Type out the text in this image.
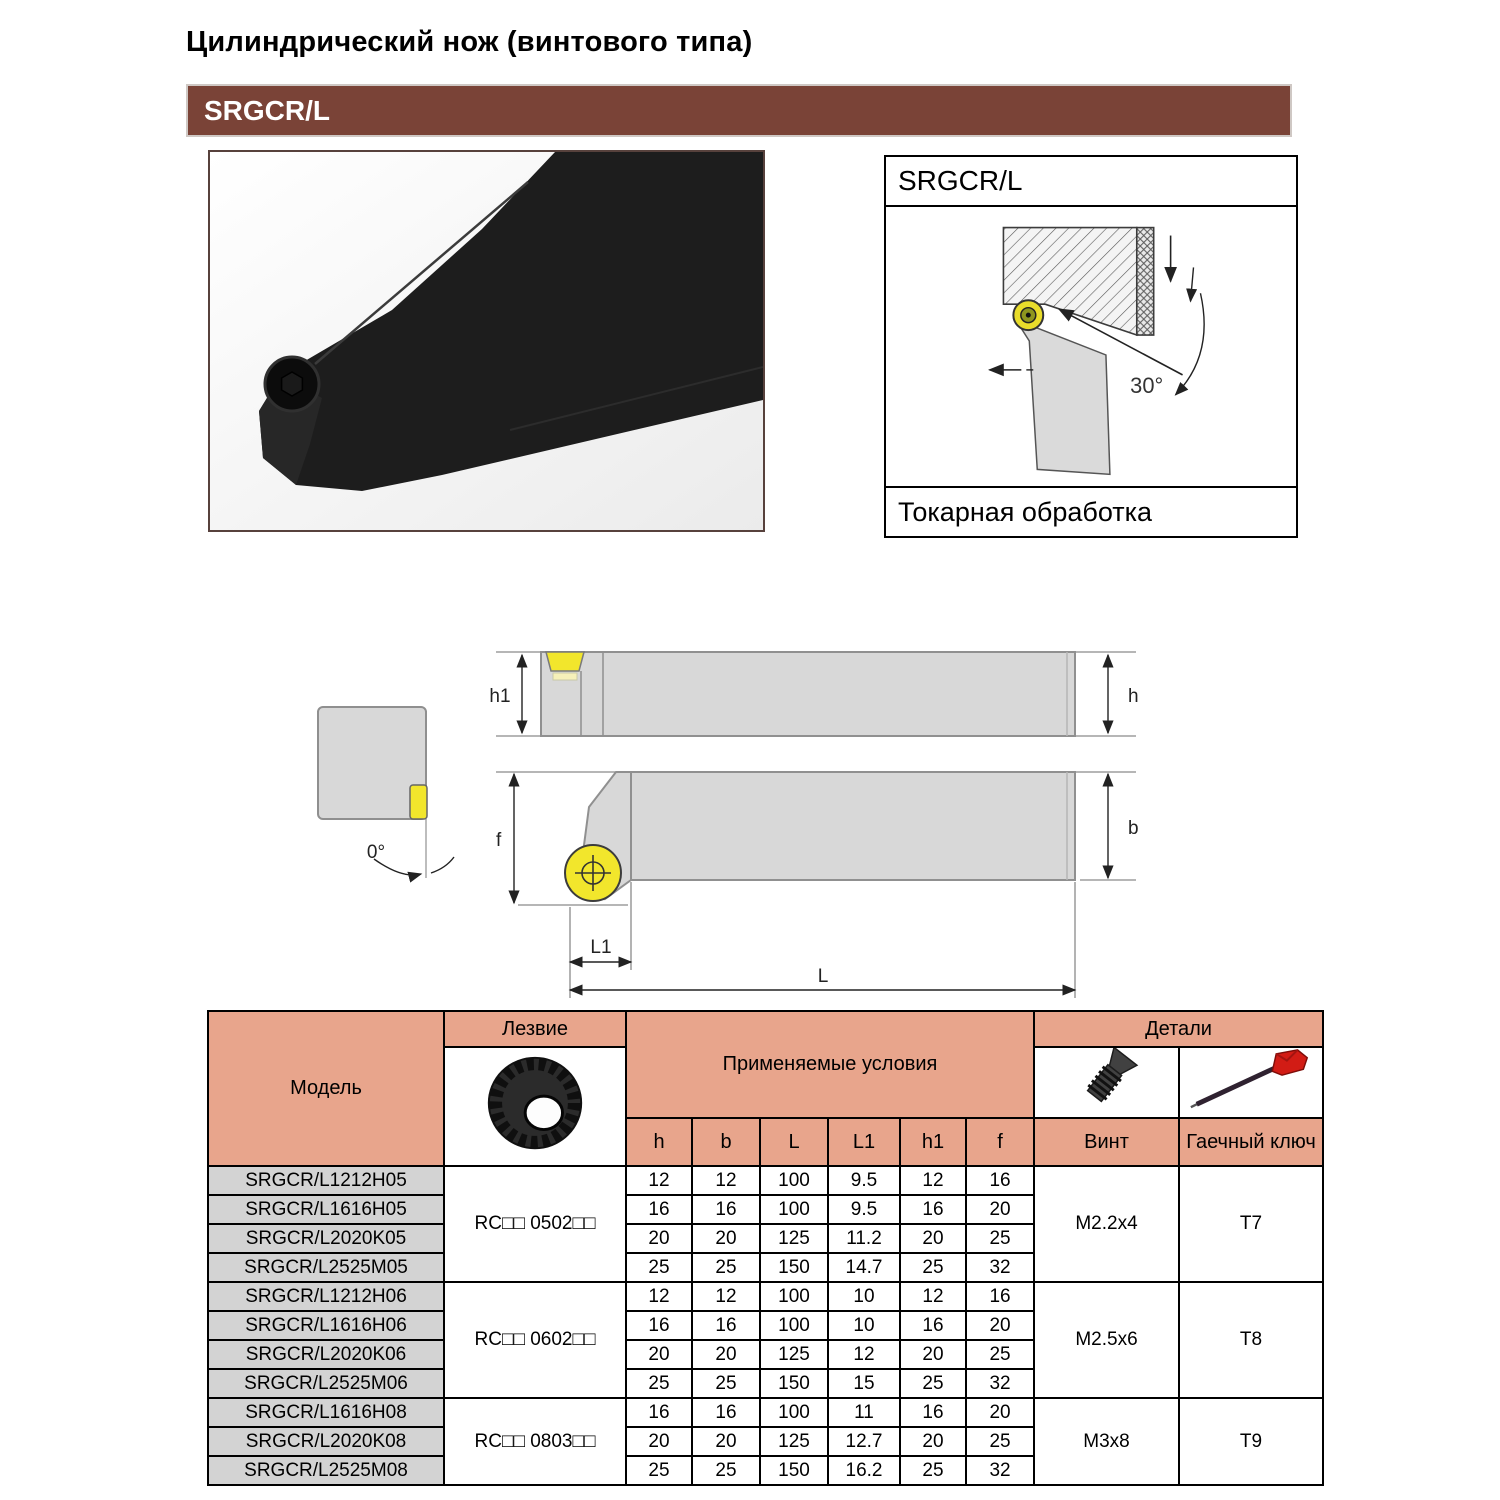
Цилиндрический нож (винтового типа)
SRGCR/L
SRGCR/L
30°
Токарная обработка
0°
h1	h
f
b
L1
L
Модель	Лезвие	Применяемые условия						Детали	

		h	b	L	L1	h1	f	Винт	Гаечный ключ
SRGCR/L1212H05	RC□□ 0502□□	12	12	100	9.5	12	16	M2.2x4	T7
SRGCR/L1616H05		16	16	100	9.5	16	20		
SRGCR/L2020K05		20	20	125	11.2	20	25		
SRGCR/L2525M05		25	25	150	14.7	25	32		
SRGCR/L1212H06	RC□□ 0602□□	12	12	100	10	12	16	M2.5x6	T8
SRGCR/L1616H06		16	16	100	10	16	20		
SRGCR/L2020K06		20	20	125	12	20	25		
SRGCR/L2525M06		25	25	150	15	25	32		
SRGCR/L1616H08	RC□□ 0803□□	16	16	100	11	16	20	M3x8	T9
SRGCR/L2020K08		20	20	125	12.7	20	25		
SRGCR/L2525M08		25	25	150	16.2	25	32		
